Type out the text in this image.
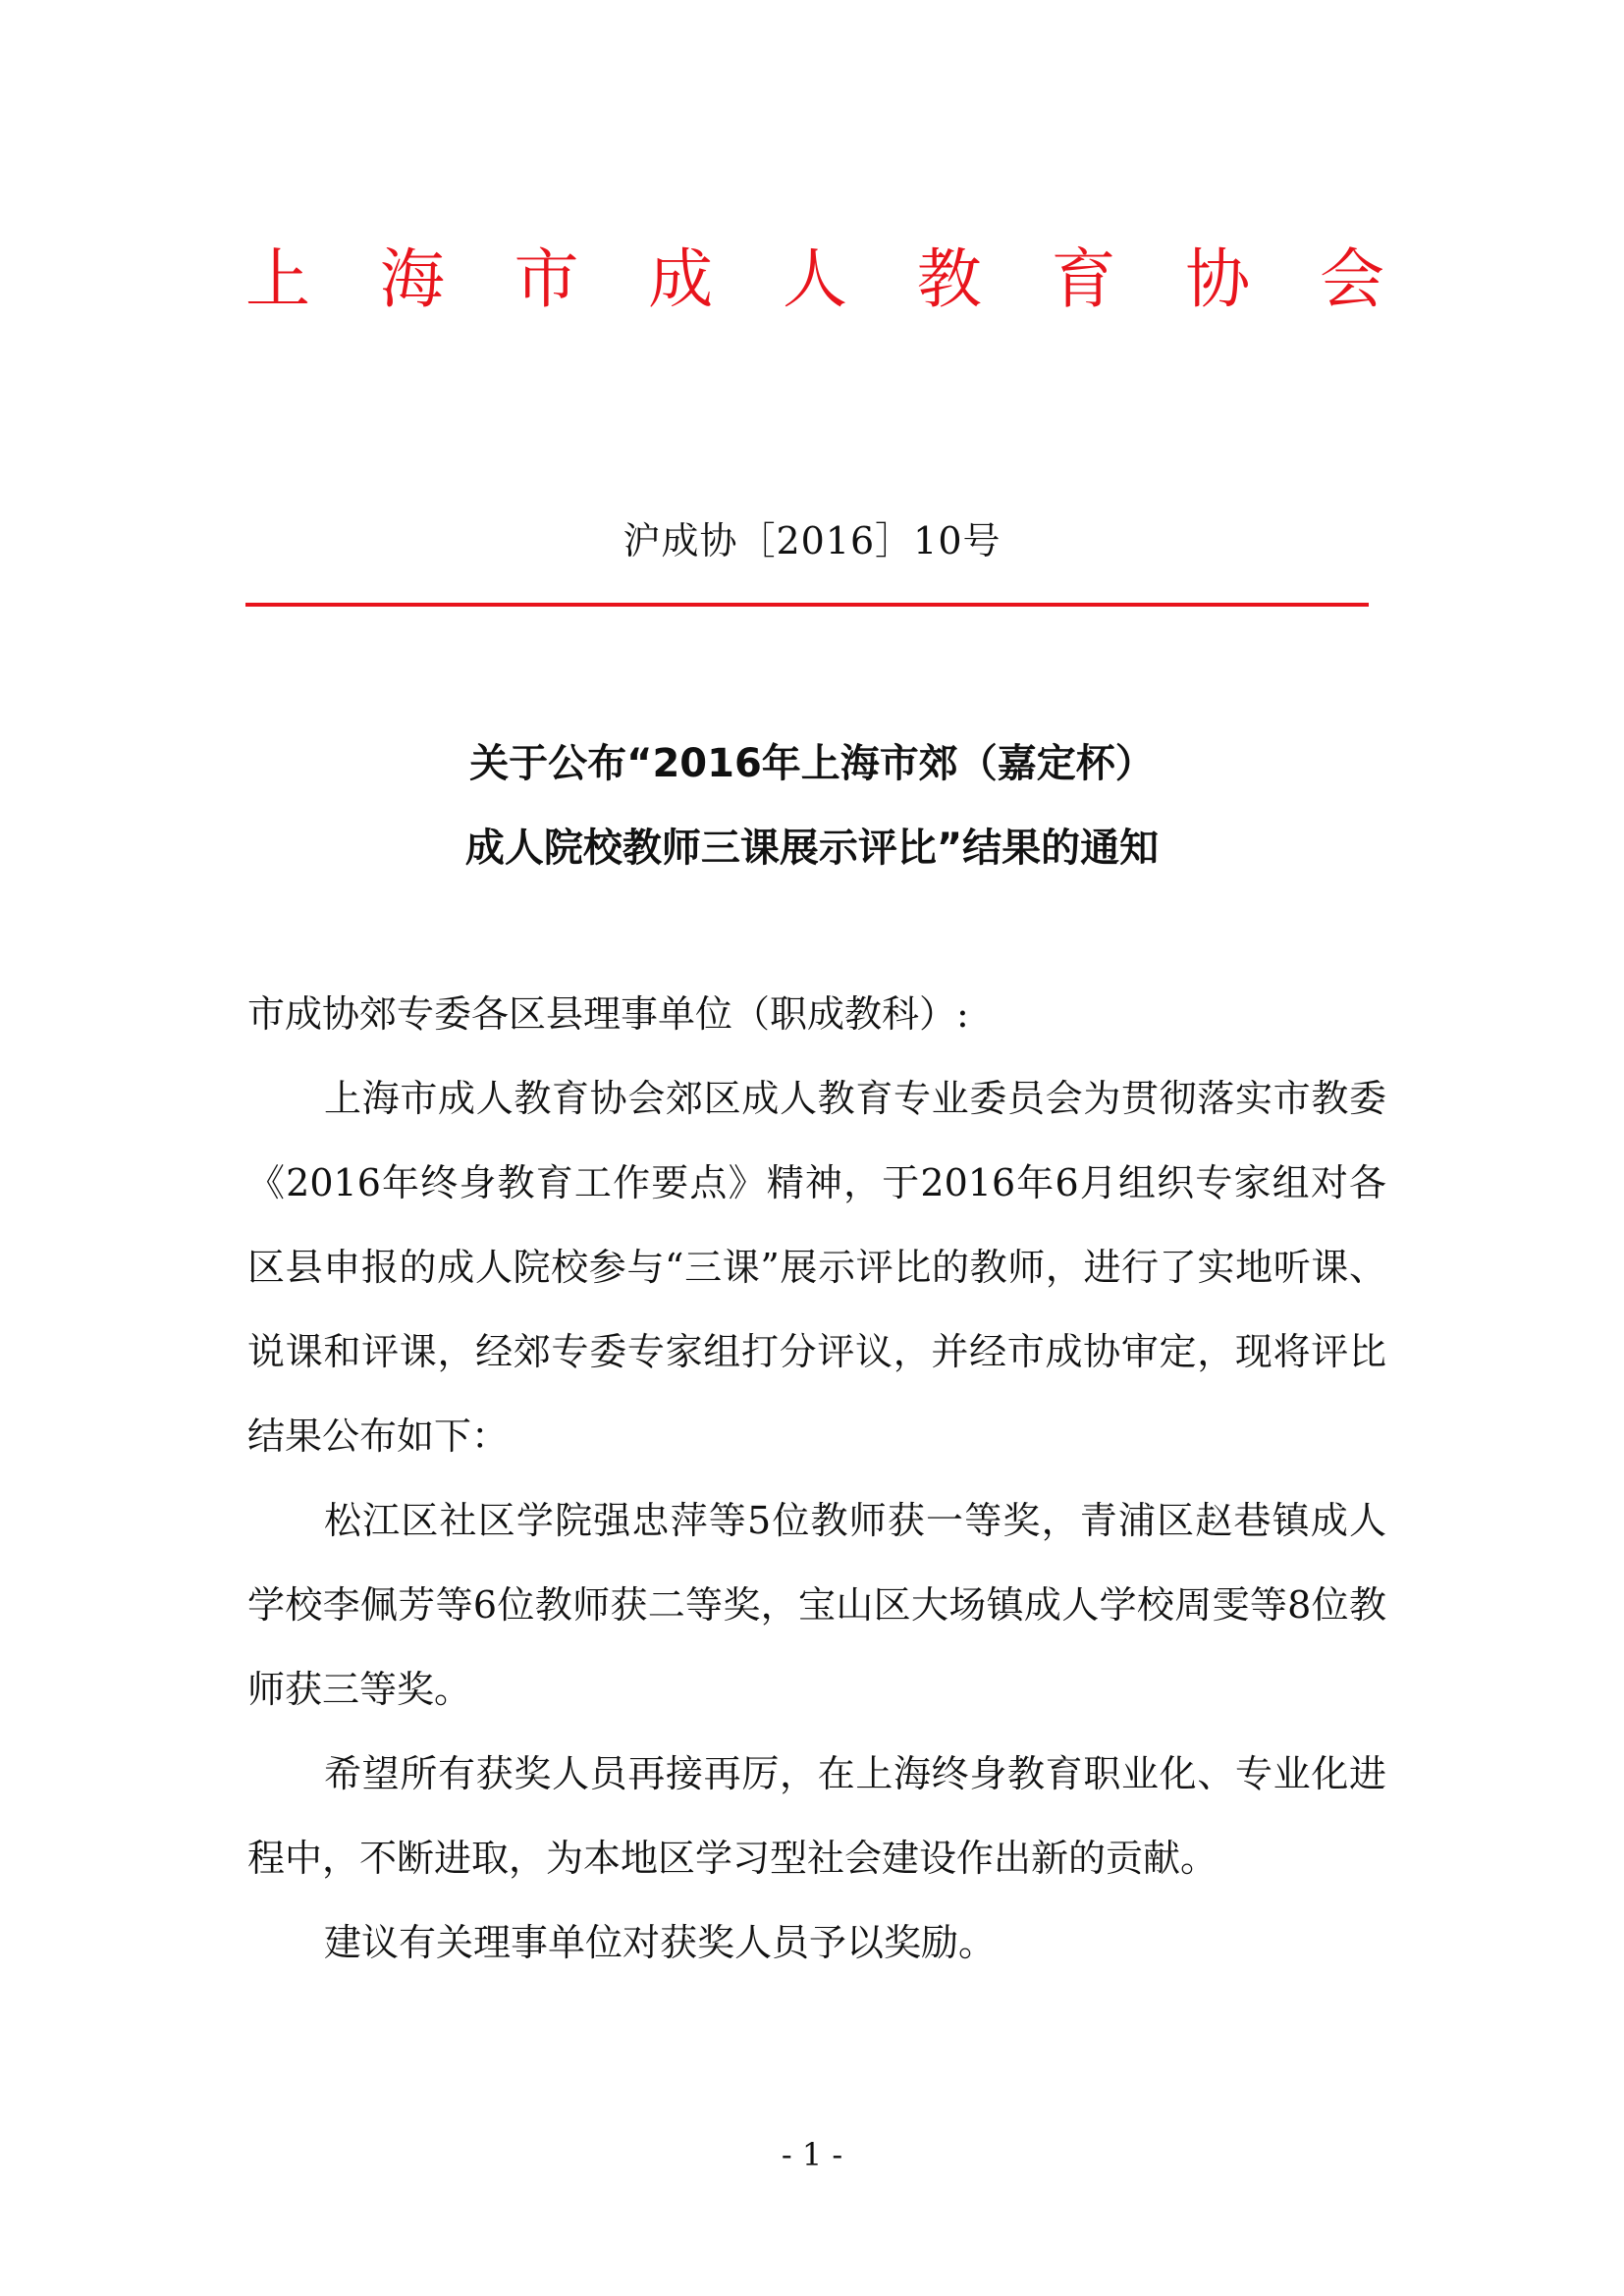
上 海 市 成 人 教 育 协 会
沪成协［2016］10号
关于公布“2016年上海市郊（嘉定杯）
成人院校教师三课展示评比”结果的通知
市成协郊专委各区县理事单位（职成教科）:
上海市成人教育协会郊区成人教育专业委员会为贯彻落实市教委《2016年终身教育工作要点》精神，于2016年6月组织专家组对各区县申报的成人院校参与“三课”展示评比的教师，进行了实地听课、说课和评课，经郊专委专家组打分评议，并经市成协审定，现将评比结果公布如下：
松江区社区学院强忠萍等5位教师获一等奖，青浦区赵巷镇成人学校李佩芳等6位教师获二等奖，宝山区大场镇成人学校周雯等8位教师获三等奖。
希望所有获奖人员再接再厉，在上海终身教育职业化、专业化进程中，不断进取，为本地区学习型社会建设作出新的贡献。
建议有关理事单位对获奖人员予以奖励。
- 1 -
